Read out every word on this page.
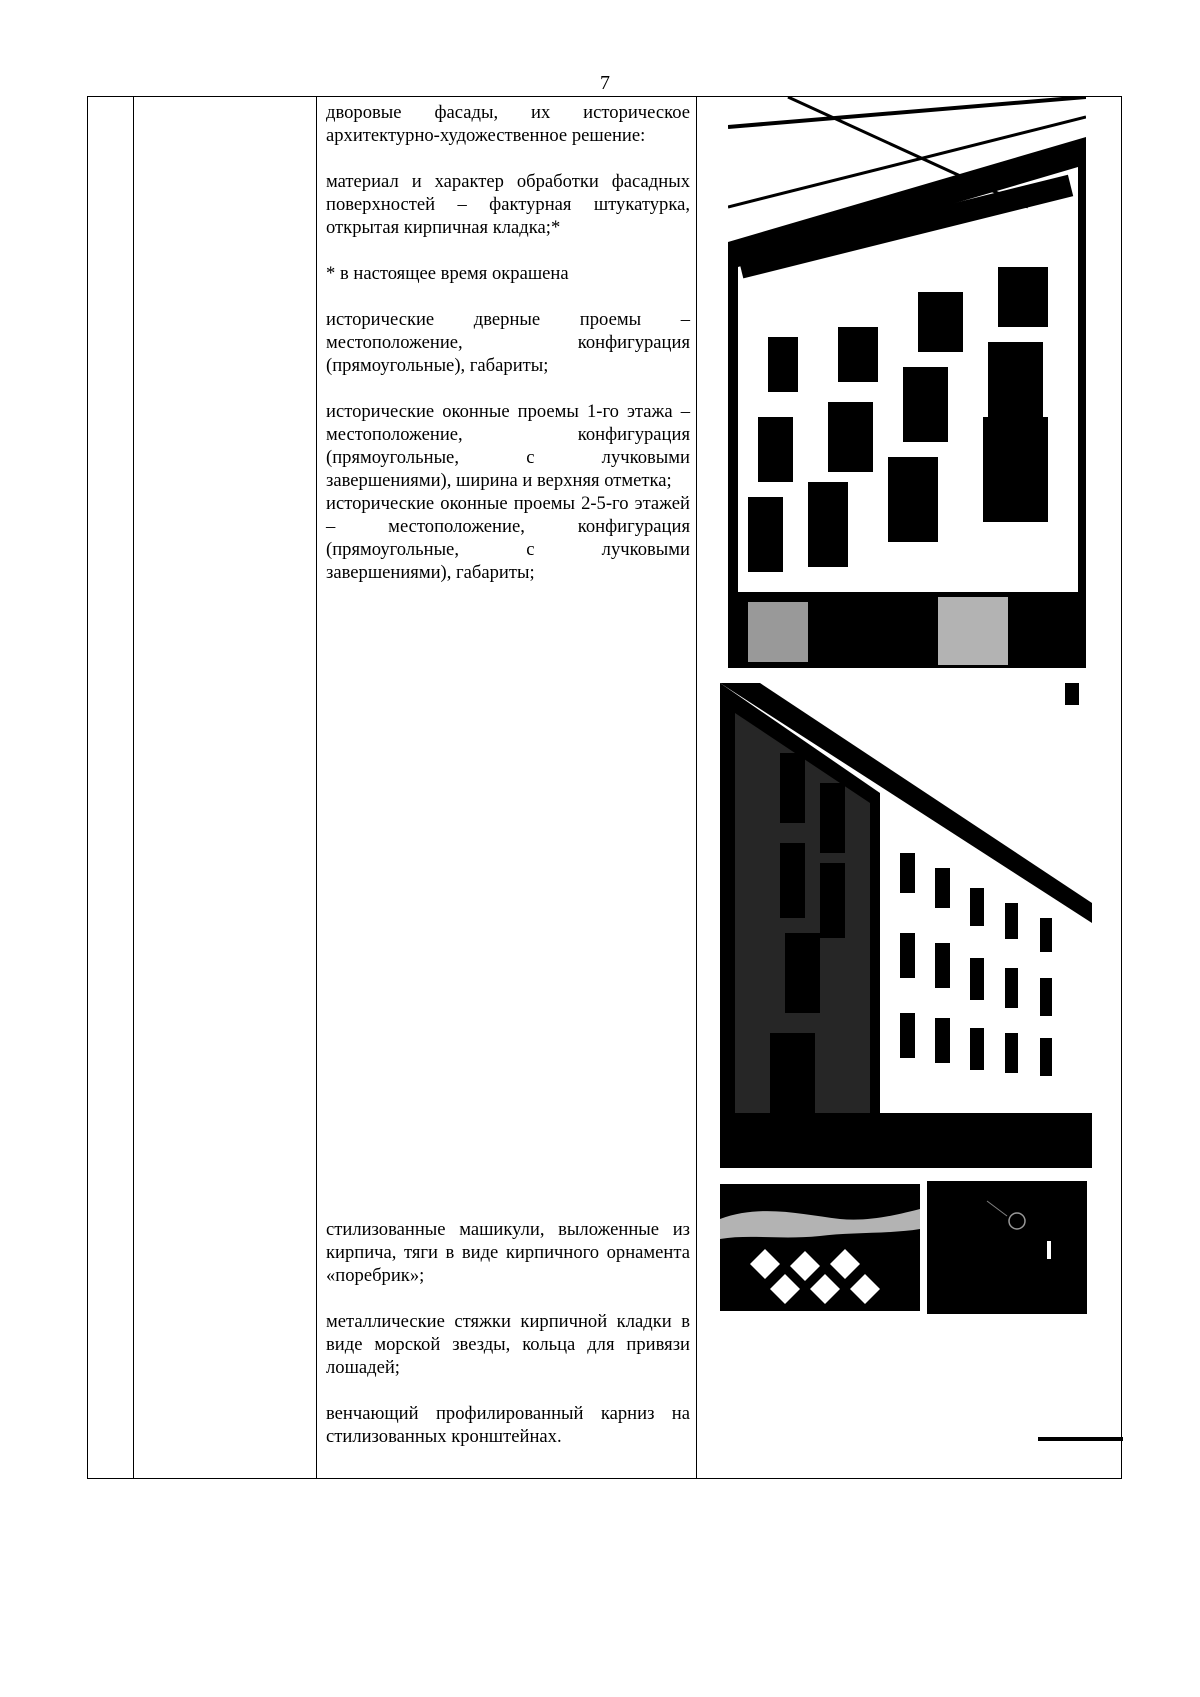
7

дворовые фасады, их историческое архитектурно-художественное решение:

материал и характер обработки фасадных поверхностей – фактурная штукатурка, открытая кирпичная кладка;*

* в настоящее время окрашена

исторические дверные проемы – местоположение, конфигурация (прямоугольные), габариты;

исторические оконные проемы 1-го этажа – местоположение, конфигурация (прямоугольные, с лучковыми завершениями), ширина и верхняя отметка;

исторические оконные проемы 2-5-го этажей – местоположение, конфигурация (прямоугольные, с лучковыми завершениями), габариты;

стилизованные машикули, выложенные из кирпича, тяги в виде кирпичного орнамента «поребрик»;

металлические стяжки кирпичной кладки в виде морской звезды, кольца для привязи лошадей;

венчающий профилированный карниз на стилизованных кронштейнах.
